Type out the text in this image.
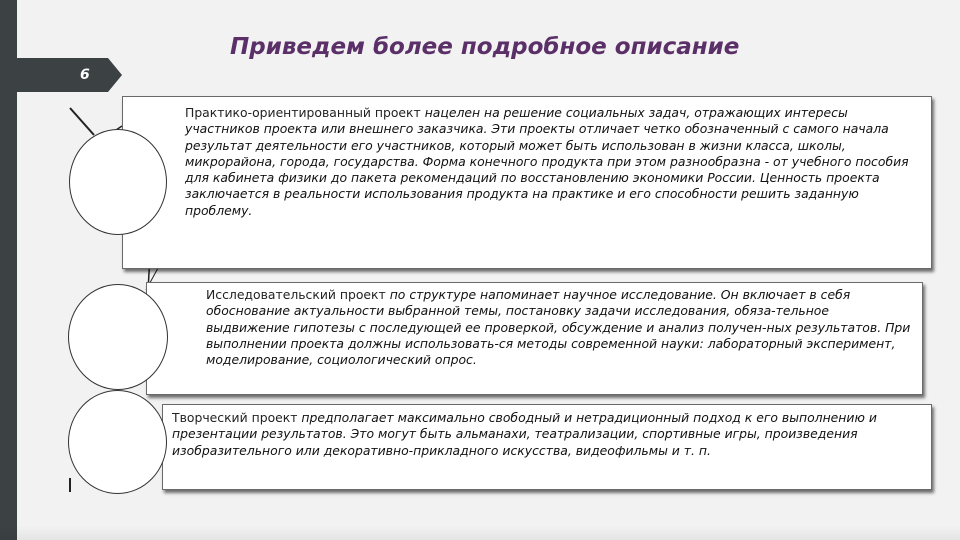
6
Приведем более подробное описание

Практико-ориентированный проект нацелен на решение социальных задач, отражающих интересы участников проекта или внешнего заказчика. Эти проекты отличает четко обозначенный с самого начала результат деятельности его участников, который может быть использован в жизни класса, школы, микрорайона, города, государства. Форма конечного продукта при этом разнообразна - от учебного пособия для кабинета физики до пакета рекомендаций по восстановлению экономики России. Ценность проекта заключается в реальности использования продукта на практике и его способности решить заданную проблему.

Исследовательский проект по структуре напоминает научное исследование. Он включает в себя обоснование актуальности выбранной темы, постановку задачи исследования, обяза-тельное выдвижение гипотезы с последующей ее проверкой, обсуждение и анализ получен-ных результатов. При выполнении проекта должны использовать-ся методы современной науки: лабораторный эксперимент, моделирование, социологический опрос.

Творческий проект предполагает максимально свободный и нетрадиционный подход к его выполнению и презентации результатов. Это могут быть альманахи, театрализации, спортивные игры, произведения изобразительного или декоративно-прикладного искусства, видеофильмы и т. п.
